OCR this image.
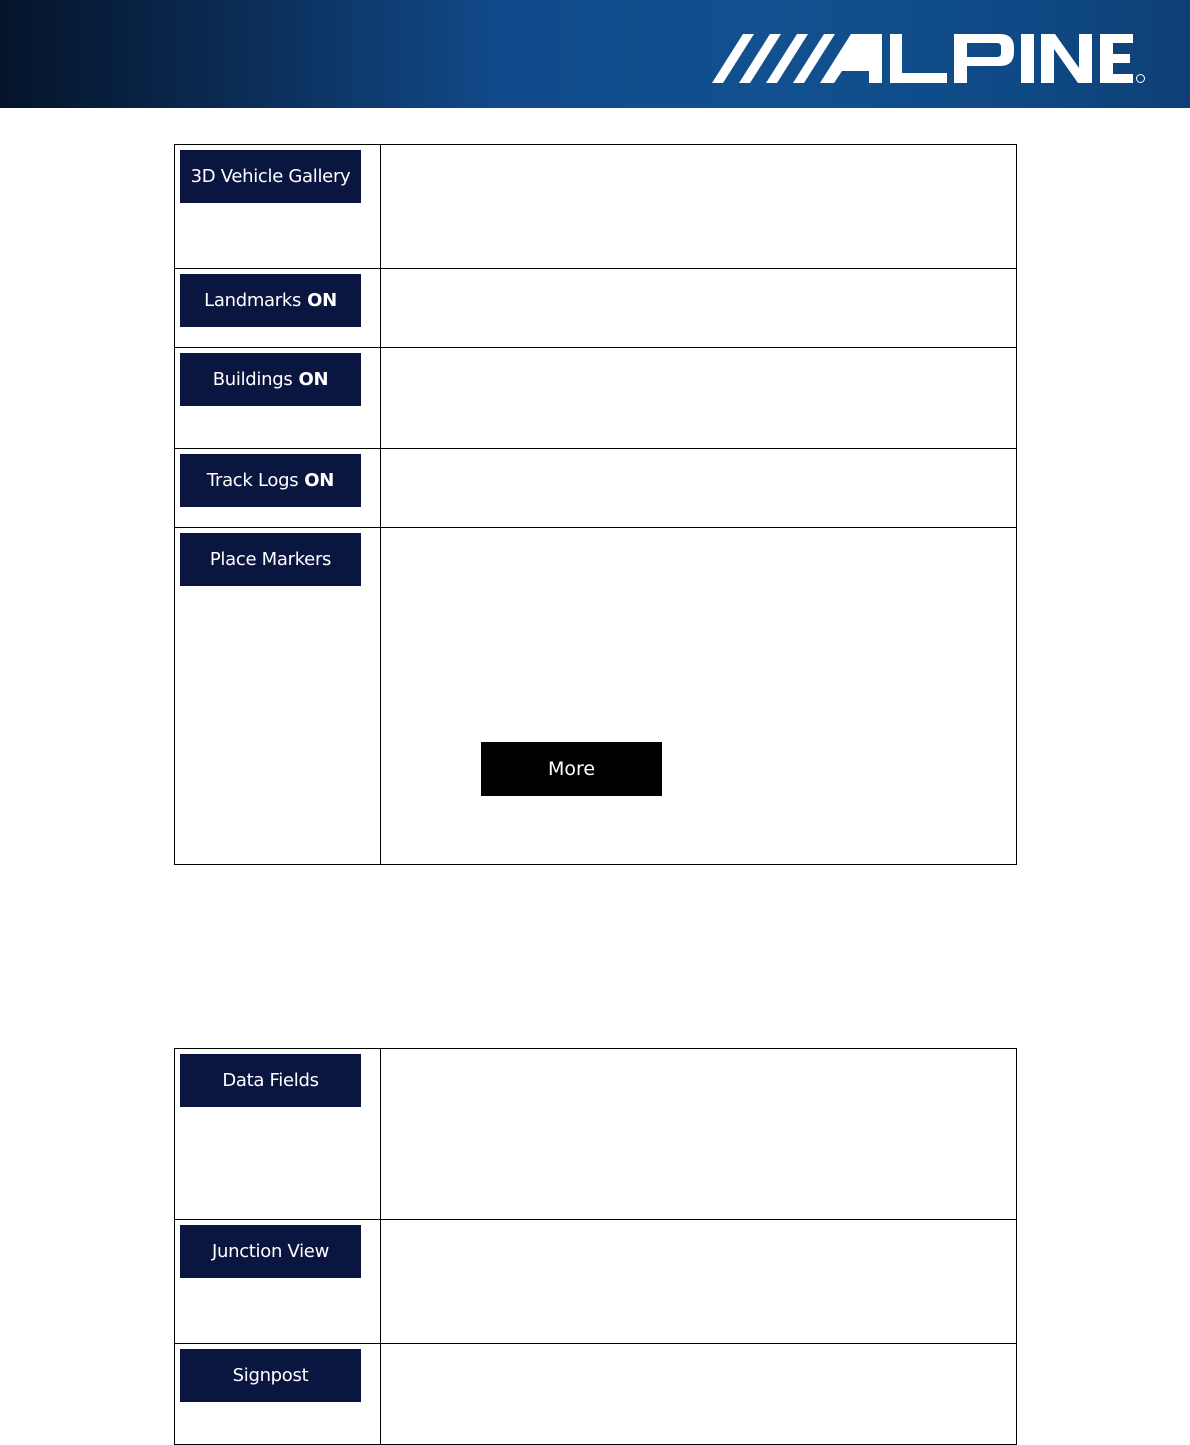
3D Vehicle Gallery	

Landmarks ON	

Buildings ON	

Track Logs ON	

Place Markers	

More
Data Fields	

Junction View	

Signpost	
